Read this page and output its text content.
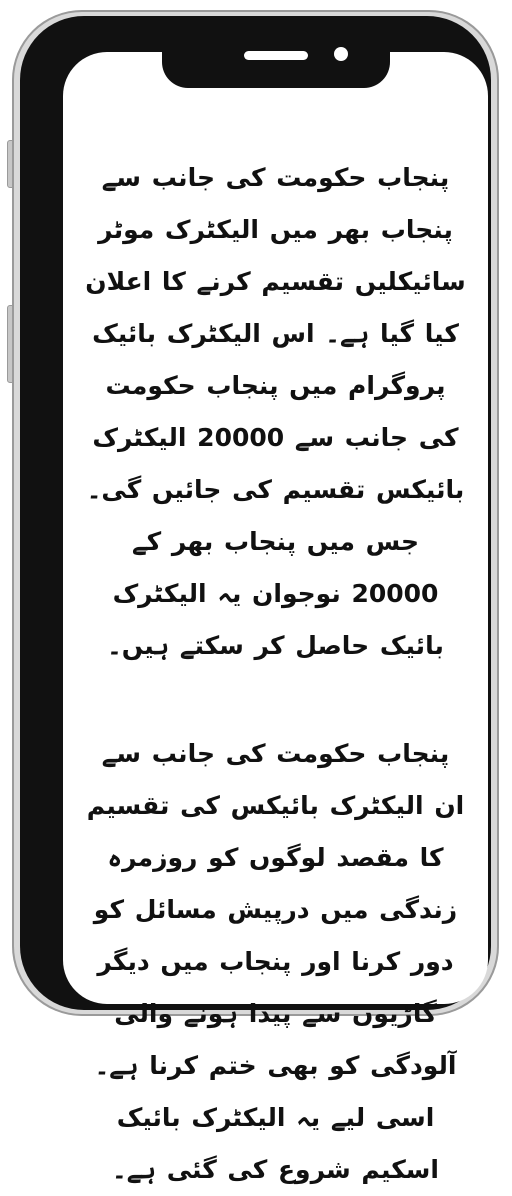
پنجاب حکومت کی جانب سے پنجاب بھر میں الیکٹرک موٹر سائیکلیں تقسیم کرنے کا اعلان کیا گیا ہے۔ اس الیکٹرک بائیک پروگرام میں پنجاب حکومت کی جانب سے 20000 الیکٹرک بائیکس تقسیم کی جائیں گی۔ جس میں پنجاب بھر کے 20000 نوجوان یہ الیکٹرک بائیک حاصل کر سکتے ہیں۔

پنجاب حکومت کی جانب سے ان الیکٹرک بائیکس کی تقسیم کا مقصد لوگوں کو روزمرہ زندگی میں درپیش مسائل کو دور کرنا اور پنجاب میں دیگر گاڑیوں سے پیدا ہونے والی آلودگی کو بھی ختم کرنا ہے۔ اسی لیے یہ الیکٹرک بائیک اسکیم شروع کی گئی ہے۔
